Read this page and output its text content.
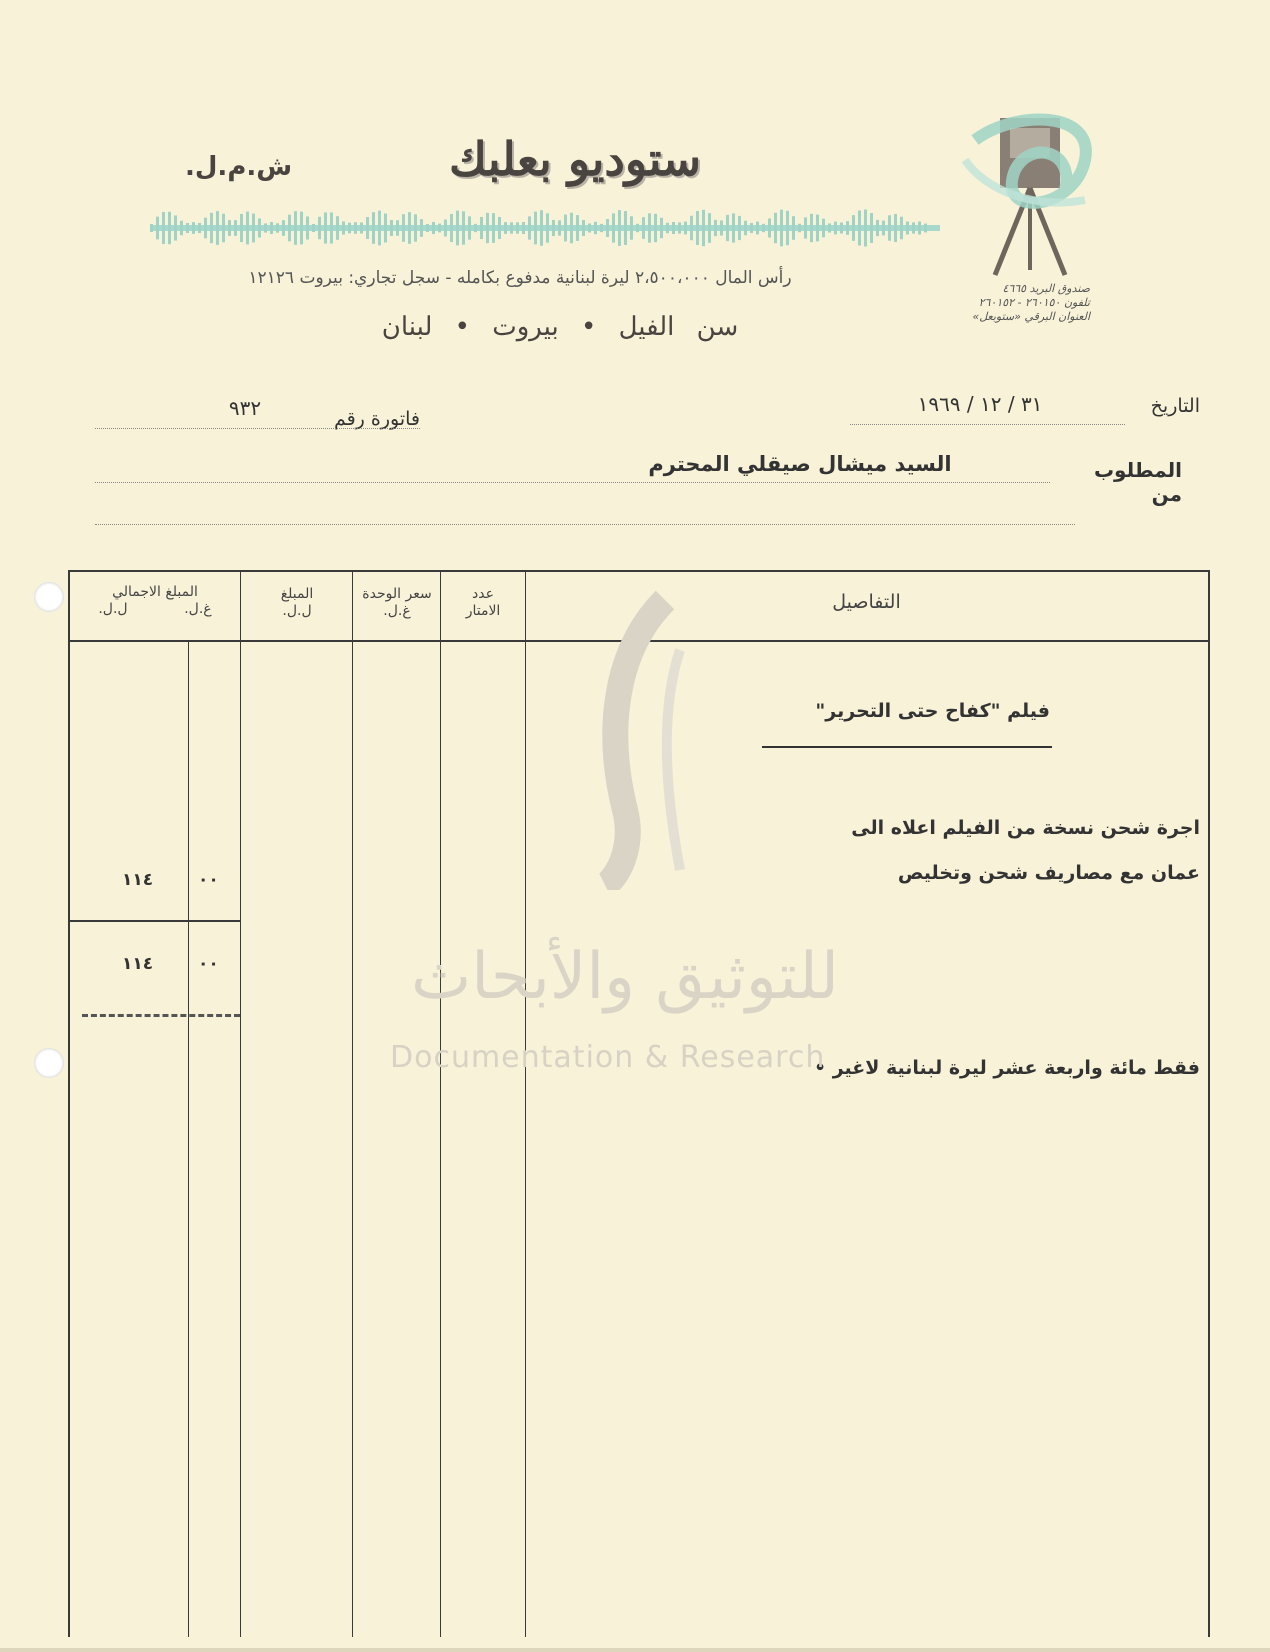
ستوديو بعلبك
ش.م.ل.
رأس المال ٢،٥٠٠،٠٠٠ ليرة لبنانية مدفوع بكامله - سجل تجاري: بيروت ١٢١٢٦
سن الفيل • بيروت • لبنان
صندوق البريد ٤٦٦٥
تلفون ٢٦٠١٥٠ - ٢٦٠١٥٢
العنوان البرقي «ستوبعل»
التاريخ
٣١ / ١٢ / ١٩٦٩
فاتورة رقم
٩٣٢
المطلوب من
السيد ميشال صيقلي المحترم
التفاصيل
عدد
الامتار
سعر الوحدة
غ.ل.
المبلغ
ل.ل.
المبلغ الاجمالي
غ.ل.
ل.ل.
١١٤	٠٠
١١٤	٠٠
فيلم "كفاح حتى التحرير"
اجرة شحن نسخة من الفيلم اعلاه الى
عمان مع مصاريف شحن وتخليص
فقط مائة واربعة عشر ليرة لبنانية لاغير •
للتوثيق والأبحاث
Documentation & Research
